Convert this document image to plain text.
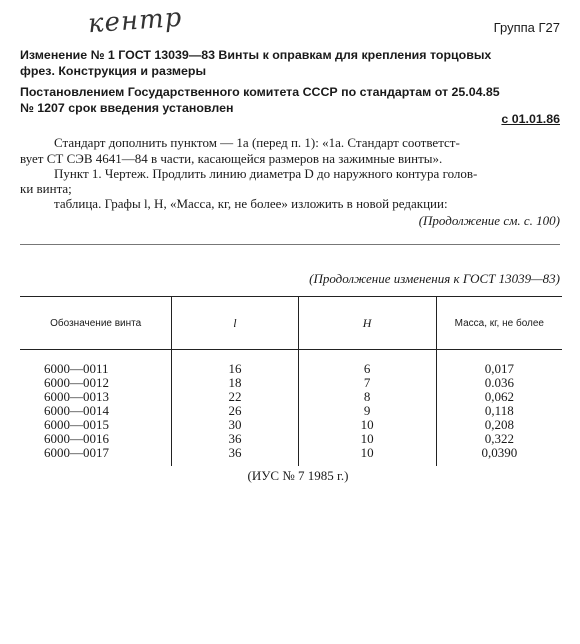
кентр	Группа Г27
Изменение № 1 ГОСТ 13039—83 Винты к оправкам для крепления торцовых
фрез. Конструкция и размеры
Постановлением Государственного комитета СССР по стандартам от 25.04.85
№ 1207 срок введения установлен
с 01.01.86
Стандарт дополнить пунктом — 1а (перед п. 1): «1а. Стандарт соответст-
вует СТ СЭВ 4641—84 в части, касающейся размеров на зажимные винты».
Пункт 1. Чертеж. Продлить линию диаметра D до наружного контура голов-
ки винта;
таблица. Графы l, H, «Масса, кг, не более» изложить в новой редакции:
(Продолжение см. с. 100)
(Продолжение изменения к ГОСТ 13039—83)
Обозначение винта	l	H	Масса, кг, не более
6000—0011	16	6	0,017
6000—0012	18	7	0.036
6000—0013	22	8	0,062
6000—0014	26	9	0,118
6000—0015	30	10	0,208
6000—0016	36	10	0,322
6000—0017	36	10	0,0390
(ИУС № 7 1985 г.)
